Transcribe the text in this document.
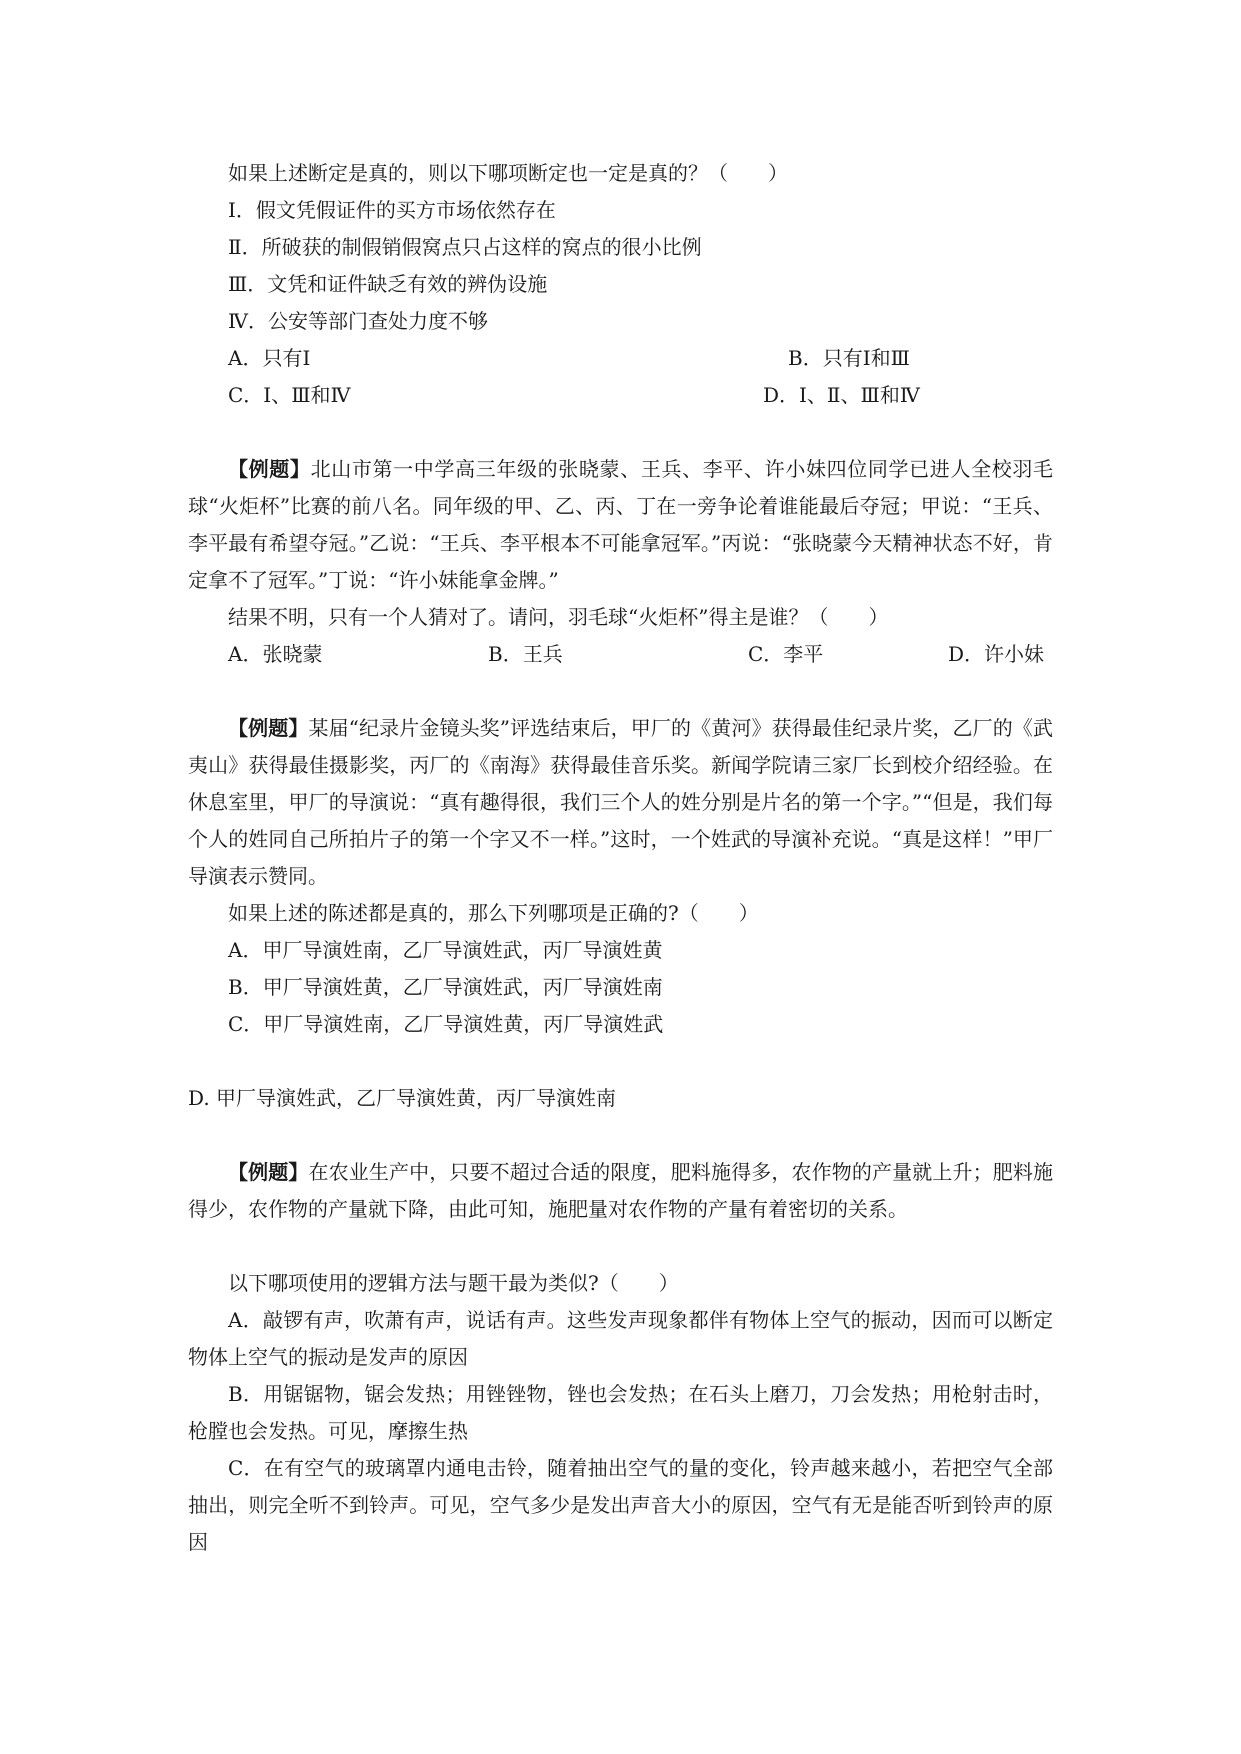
如果上述断定是真的，则以下哪项断定也一定是真的？（　　）

Ⅰ．假文凭假证件的买方市场依然存在

Ⅱ．所破获的制假销假窝点只占这样的窝点的很小比例

Ⅲ．文凭和证件缺乏有效的辨伪设施

Ⅳ．公安等部门查处力度不够

A．只有Ⅰ	B．只有Ⅰ和Ⅲ
C．Ⅰ、Ⅲ和Ⅳ	D．Ⅰ、Ⅱ、Ⅲ和Ⅳ

【例题】北山市第一中学高三年级的张晓蒙、王兵、李平、许小妹四位同学已进人全校羽毛球“火炬杯”比赛的前八名。同年级的甲、乙、丙、丁在一旁争论着谁能最后夺冠；甲说：“王兵、李平最有希望夺冠。”乙说：“王兵、李平根本不可能拿冠军。”丙说：“张晓蒙今天精神状态不好，肯定拿不了冠军。”丁说：“许小妹能拿金牌。”

结果不明，只有一个人猜对了。请问，羽毛球“火炬杯”得主是谁？（　　）

A．张晓蒙	B．王兵	C．李平	D．许小妹

【例题】某届“纪录片金镜头奖”评选结束后，甲厂的《黄河》获得最佳纪录片奖，乙厂的《武夷山》获得最佳摄影奖，丙厂的《南海》获得最佳音乐奖。新闻学院请三家厂长到校介绍经验。在休息室里，甲厂的导演说：“真有趣得很，我们三个人的姓分别是片名的第一个字。”“但是，我们每个人的姓同自己所拍片子的第一个字又不一样。”这时，一个姓武的导演补充说。“真是这样！”甲厂导演表示赞同。

如果上述的陈述都是真的，那么下列哪项是正确的?（　　）

A．甲厂导演姓南，乙厂导演姓武，丙厂导演姓黄

B．甲厂导演姓黄，乙厂导演姓武，丙厂导演姓南

C．甲厂导演姓南，乙厂导演姓黄，丙厂导演姓武

D. 甲厂导演姓武，乙厂导演姓黄，丙厂导演姓南

【例题】在农业生产中，只要不超过合适的限度，肥料施得多，农作物的产量就上升；肥料施得少，农作物的产量就下降，由此可知，施肥量对农作物的产量有着密切的关系。

以下哪项使用的逻辑方法与题干最为类似?（　　）

A．敲锣有声，吹萧有声，说话有声。这些发声现象都伴有物体上空气的振动，因而可以断定物体上空气的振动是发声的原因

B．用锯锯物，锯会发热；用锉锉物，锉也会发热；在石头上磨刀，刀会发热；用枪射击时，枪膛也会发热。可见，摩擦生热

C．在有空气的玻璃罩内通电击铃，随着抽出空气的量的变化，铃声越来越小，若把空气全部抽出，则完全听不到铃声。可见，空气多少是发出声音大小的原因，空气有无是能否听到铃声的原因
